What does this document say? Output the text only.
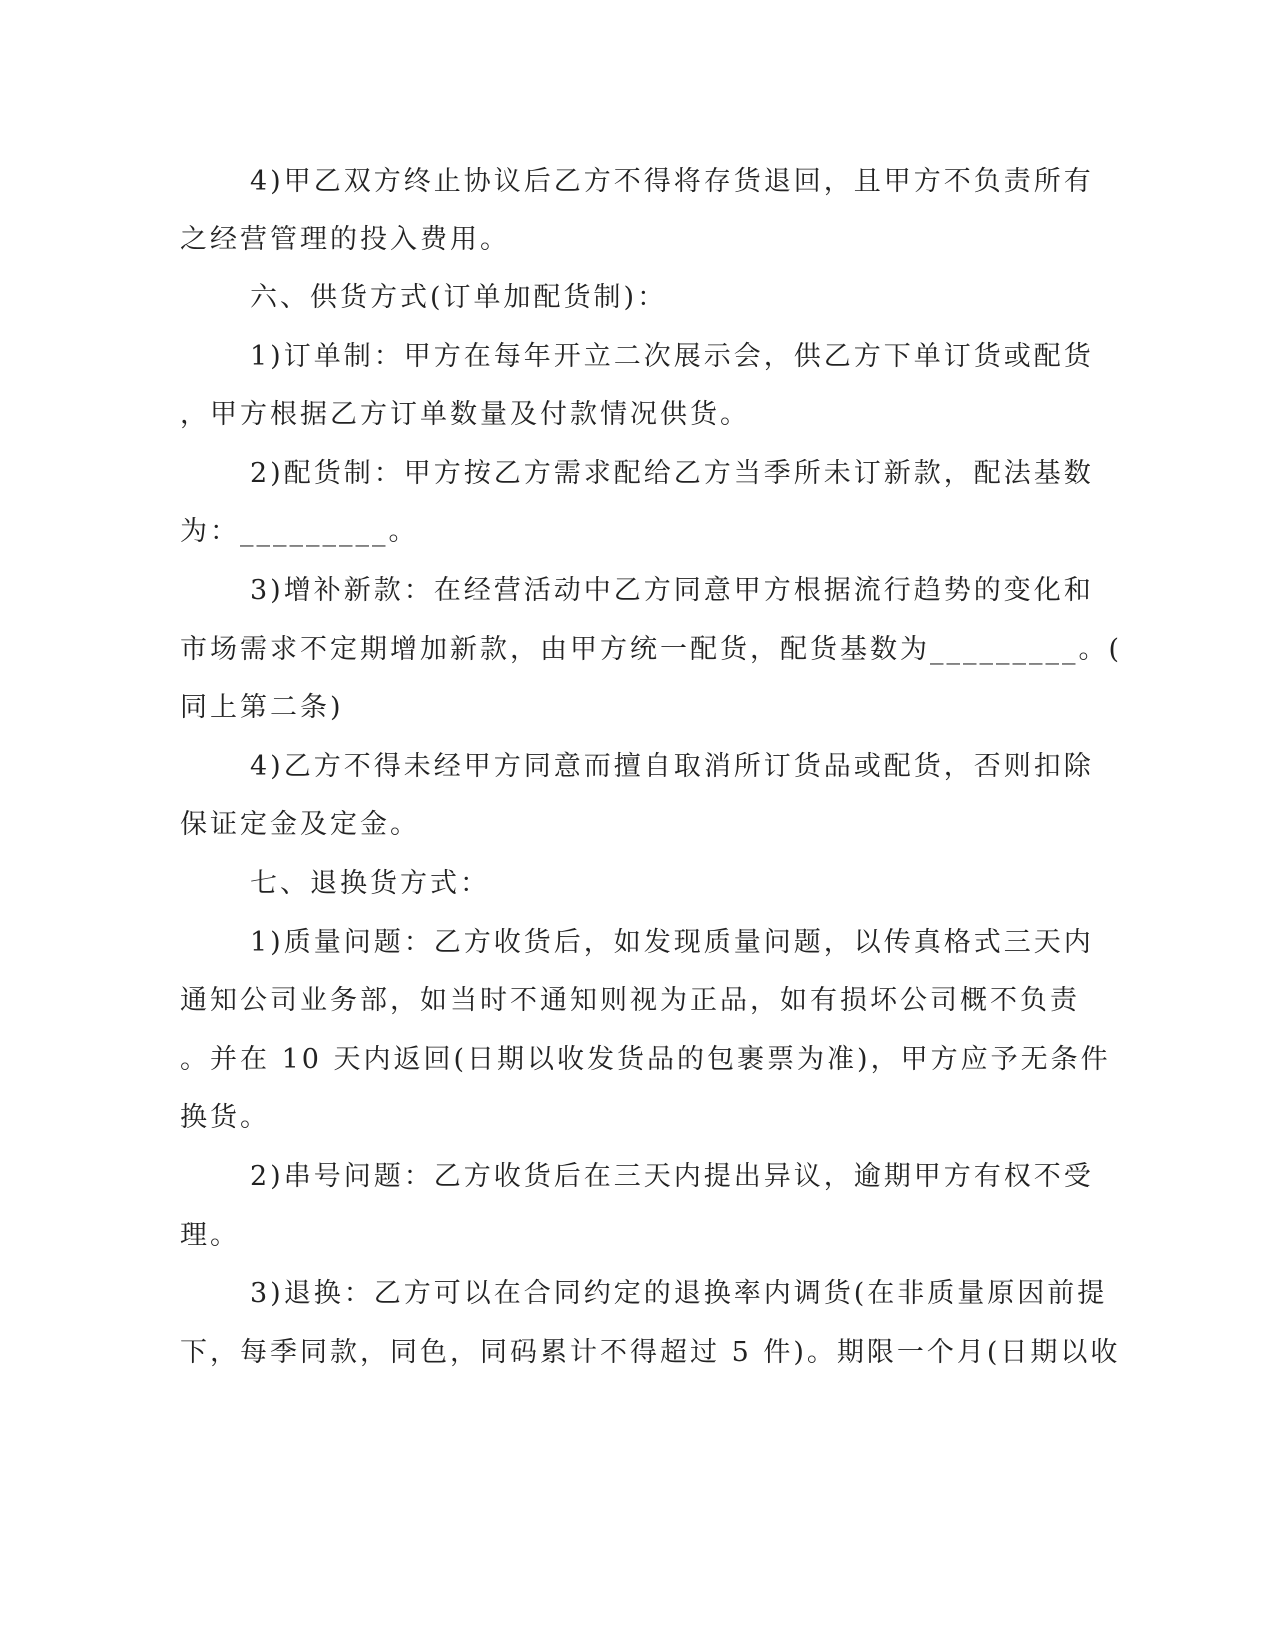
4)甲乙双方终止协议后乙方不得将存货退回，且甲方不负责所有
之经营管理的投入费用。
六、供货方式(订单加配货制)：
1)订单制：甲方在每年开立二次展示会，供乙方下单订货或配货
，甲方根据乙方订单数量及付款情况供货。
2)配货制：甲方按乙方需求配给乙方当季所未订新款，配法基数
为：_________。
3)增补新款：在经营活动中乙方同意甲方根据流行趋势的变化和
市场需求不定期增加新款，由甲方统一配货，配货基数为_________。(
同上第二条)
4)乙方不得未经甲方同意而擅自取消所订货品或配货，否则扣除
保证定金及定金。
七、退换货方式：
1)质量问题：乙方收货后，如发现质量问题，以传真格式三天内
通知公司业务部，如当时不通知则视为正品，如有损坏公司概不负责
。并在 10 天内返回(日期以收发货品的包裹票为准)，甲方应予无条件
换货。
2)串号问题：乙方收货后在三天内提出异议，逾期甲方有权不受
理。
3)退换：乙方可以在合同约定的退换率内调货(在非质量原因前提
下，每季同款，同色，同码累计不得超过 5 件)。期限一个月(日期以收
